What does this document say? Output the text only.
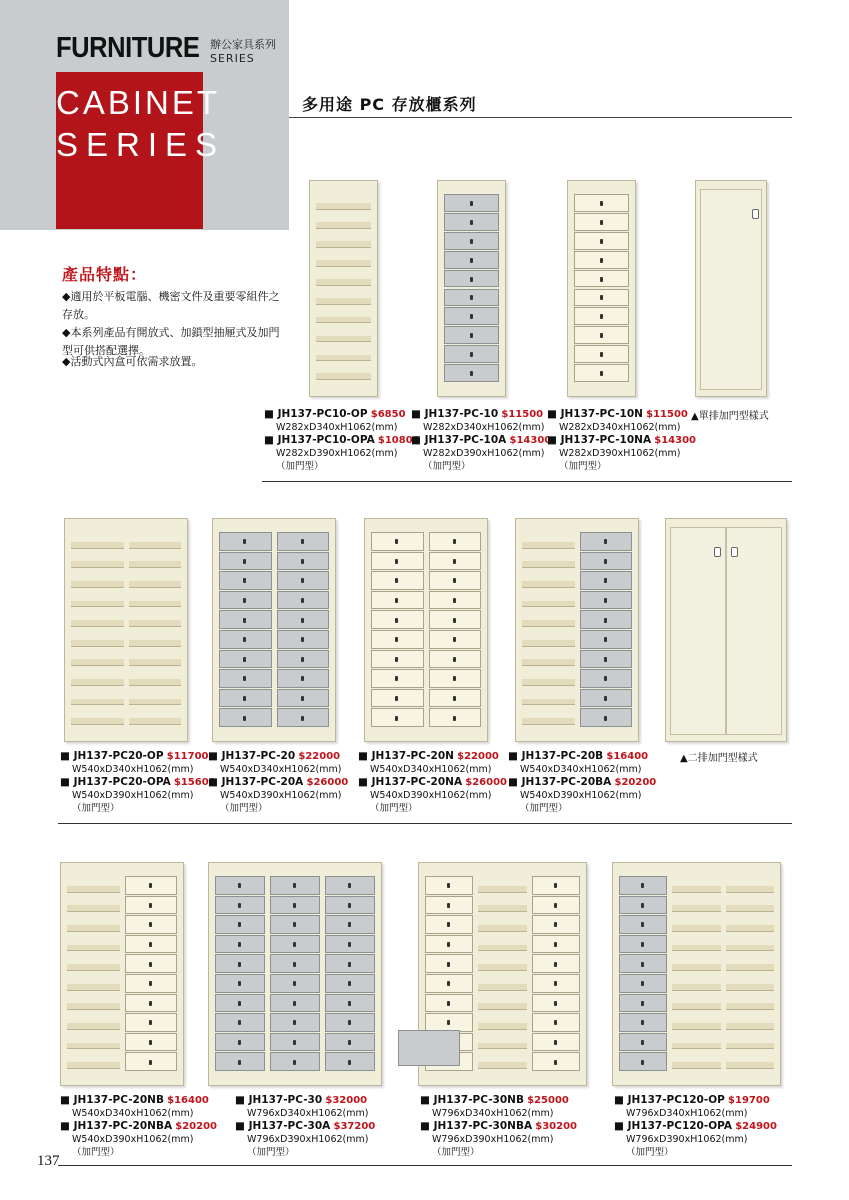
FURNITURE 辦公家具系列
SERIES
CABINET
SERIES
多用途 PC 存放櫃系列
產品特點：
◆適用於平板電腦、機密文件及重要零組件之存放。
◆本系列產品有開放式、加鎖型抽屜式及加門型可供搭配選擇。
◆活動式內盒可依需求放置。
■ JH137-PC10-OP $6850
W282xD340xH1062(mm)
■ JH137-PC10-OPA $10800
W282xD390xH1062(mm)
（加門型）
■ JH137-PC-10 $11500
W282xD340xH1062(mm)
■ JH137-PC-10A $14300
W282xD390xH1062(mm)
（加門型）
■ JH137-PC-10N $11500
W282xD340xH1062(mm)
■ JH137-PC-10NA $14300
W282xD390xH1062(mm)
（加門型）
▲單排加門型樣式
■ JH137-PC20-OP $11700
W540xD340xH1062(mm)
■ JH137-PC20-OPA $15600
W540xD390xH1062(mm)
（加門型）
■ JH137-PC-20 $22000
W540xD340xH1062(mm)
■ JH137-PC-20A $26000
W540xD390xH1062(mm)
（加門型）
■ JH137-PC-20N $22000
W540xD340xH1062(mm)
■ JH137-PC-20NA $26000
W540xD390xH1062(mm)
（加門型）
■ JH137-PC-20B $16400
W540xD340xH1062(mm)
■ JH137-PC-20BA $20200
W540xD390xH1062(mm)
（加門型）
▲二排加門型樣式
■ JH137-PC-20NB $16400
W540xD340xH1062(mm)
■ JH137-PC-20NBA $20200
W540xD390xH1062(mm)
（加門型）
■ JH137-PC-30 $32000
W796xD340xH1062(mm)
■ JH137-PC-30A $37200
W796xD390xH1062(mm)
（加門型）
■ JH137-PC-30NB $25000
W796xD340xH1062(mm)
■ JH137-PC-30NBA $30200
W796xD390xH1062(mm)
（加門型）
■ JH137-PC120-OP $19700
W796xD340xH1062(mm)
■ JH137-PC120-OPA $24900
W796xD390xH1062(mm)
（加門型）
137
